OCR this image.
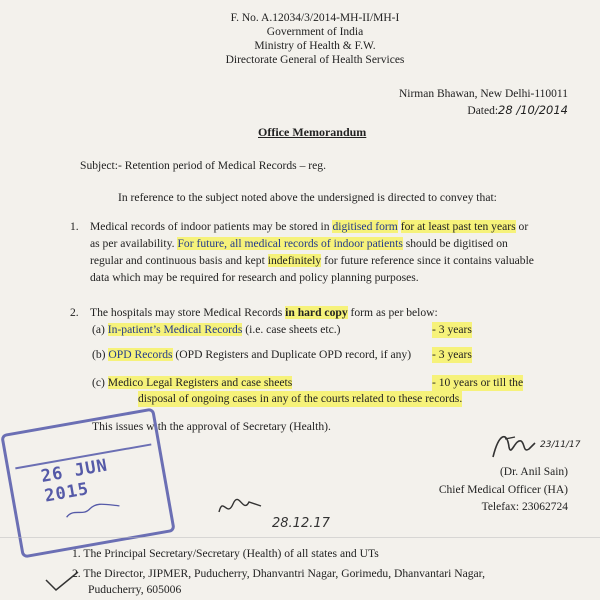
F. No. A.12034/3/2014-MH-II/MH-I
Government of India
Ministry of Health & F.W.
Directorate General of Health Services
Nirman Bhawan, New Delhi-110011
Dated:28 /10/2014
Office Memorandum
Subject:- Retention period of Medical Records – reg.
In reference to the subject noted above the undersigned is directed to convey that:
1. Medical records of indoor patients may be stored in digitised form for at least past ten years or
as per availability. For future, all medical records of indoor patients should be digitised on
regular and continuous basis and kept indefinitely for future reference since it contains valuable
data which may be required for research and policy planning purposes.
2. The hospitals may store Medical Records in hard copy form as per below:
(a) In-patient’s Medical Records (i.e. case sheets etc.)	- 3 years
(b) OPD Records (OPD Registers and Duplicate OPD record, if any) - 3 years
(c) Medico Legal Registers and case sheets	- 10 years or till the
disposal of ongoing cases in any of the courts related to these records.
This issues with the approval of Secretary (Health).
23/11/17
(Dr. Anil Sain)
Chief Medical Officer (HA)
Telefax: 23062724
26 JUN 2015
28.12.17
1. The Principal Secretary/Secretary (Health) of all states and UTs
2. The Director, JIPMER, Puducherry, Dhanvantri Nagar, Gorimedu, Dhanvantari Nagar,
Puducherry, 605006
